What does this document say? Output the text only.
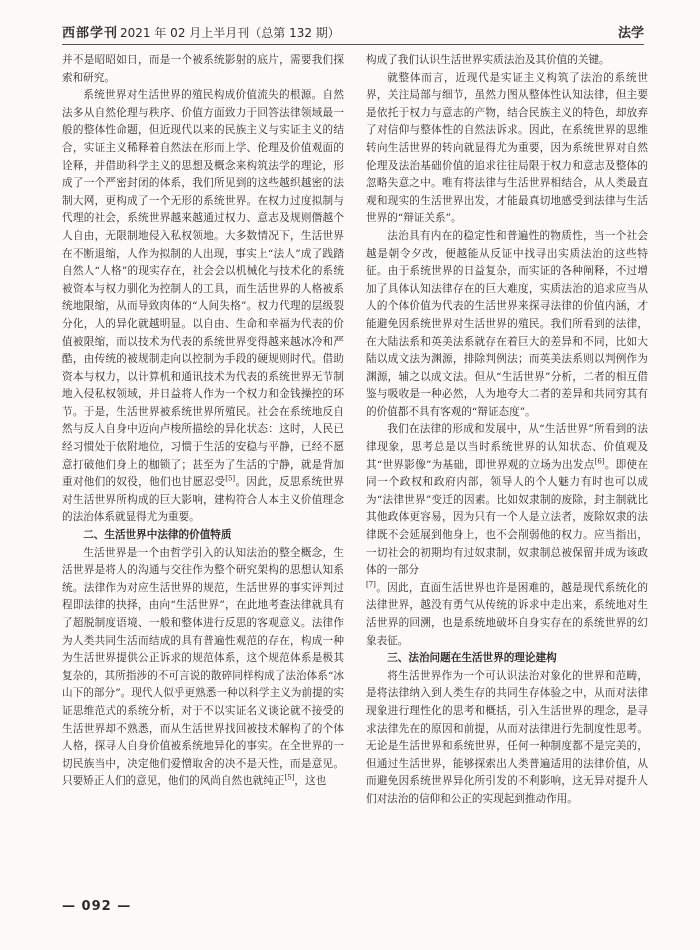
西部学刊 2021 年 02 月上半月刊（总第 132 期）	法学

并不是昭昭如日，而是一个被系统影射的底片，需要我们探索和研究。

系统世界对生活世界的殖民构成价值流失的根源。自然法多从自然伦理与秩序、价值方面致力于回答法律领域最一般的整体性命题，但近现代以来的民族主义与实证主义的结合，实证主义稀释着自然法在形而上学、伦理及价值观面的诠释，并借助科学主义的思想及概念来构筑法学的理论，形成了一个严密封闭的体系，我们所见到的这些越织越密的法制大网，更构成了一个无形的系统世界。在权力过度拟制与代理的社会，系统世界越来越通过权力、意志及规则僭越个人自由，无限制地侵入私权领地。大多数情况下，生活世界在不断退缩，人作为拟制的人出现，事实上“法人”成了践踏自然人“人格”的现实存在，社会会以机械化与技术化的系统被资本与权力驯化为控制人的工具，而生活世界的人格被系统地限缩，从而导致肉体的“人间失格”。权力代理的层级裂分化，人的异化就越明显。以自由、生命和幸福为代表的价值被限缩，而以技术为代表的系统世界变得越来越冰冷和严酷，由传统的被规制走向以控制为手段的硬规则时代。借助资本与权力，以计算机和通讯技术为代表的系统世界无节制地入侵私权领域，并日益将人作为一个权力和金钱操控的环节。于是，生活世界被系统世界所殖民。社会在系统地反自然与反人自身中迈向卢梭所描绘的异化状态：这时，人民已经习惯处于依附地位，习惯于生活的安稳与平静，已经不愿意打破他们身上的枷锁了；甚至为了生活的宁静，就是背加重对他们的奴役，他们也甘愿忍受[5]。因此，反思系统世界对生活世界所构成的巨大影响，建构符合人本主义价值理念的法治体系就显得尤为重要。

二、生活世界中法律的价值特质

生活世界是一个由哲学引入的认知法治的整全概念，生活世界是将人的沟通与交往作为整个研究架构的思想认知系统。法律作为对应生活世界的规范，生活世界的事实评判过程即法律的抉择，由向“生活世界”，在此地考查法律就具有了超脱制度语境、一般和整体进行反思的客观意义。法律作为人类共同生活而结成的具有普遍性观范的存在，构成一种为生活世界提供公正诉求的规范体系，这个规范体系是极其复杂的，其所指涉的不可言说的散碎同样构成了法治体系“冰山下的部分”。现代人似乎更熟悉一种以科学主义为前提的实证思维范式的系统分析，对于不以实证名义谈论就不接受的生活世界却不熟悉，而从生活世界找回被技术解构了的个体人格，探寻人自身价值被系统地异化的事实。在全世界的一切民族当中，决定他们爱憎取舍的决不是天性，而是意见。只要矫正人们的意见，他们的风尚自然也就纯正[5]，这也

构成了我们认识生活世界实质法治及其价值的关键。

就整体而言，近现代是实证主义构筑了法治的系统世界，关注局部与细节，虽然力图从整体性认知法律，但主要是依托于权力与意志的产物，结合民族主义的特色，却放弃了对信仰与整体性的自然法诉求。因此，在系统世界的思维转向生活世界的转向就显得尤为重要，因为系统世界对自然伦理及法治基础价值的追求往往局限于权力和意志及整体的忽略失意之中。唯有将法律与生活世界相结合，从人类最直观和现实的生活世界出发，才能最真切地感受到法律与生活世界的“辩证关系”。

法治具有内在的稳定性和普遍性的物质性，当一个社会越是朝令夕改，便越能从反证中找寻出实质法治的这些特征。由于系统世界的日益复杂，而实证的各种阐释，不过增加了具体认知法律存在的巨大难度，实质法治的追求应当从人的个体价值为代表的生活世界来探寻法律的价值内涵，才能避免因系统世界对生活世界的殖民。我们所看到的法律，在大陆法系和英美法系就存在着巨大的差异和不同，比如大陆以成文法为渊源，排除判例法；而英美法系则以判例作为渊源，辅之以成文法。但从“生活世界”分析，二者的相互借鉴与吸收是一种必然，人为地夸大二者的差异和共同穷其有的价值都不具有客观的“辩证态度”。

我们在法律的形成和发展中，从“生活世界”所看到的法律现象，思考总是以当时系统世界的认知状态、价值观及其“世界影像”为基础，即世界观的立场为出发点[6]。即使在同一个政权和政府内部，领导人的个人魅力有时也可以成为“法律世界”变迁的因素。比如奴隶制的废除，封主制就比其他政体更容易，因为只有一个人是立法者，废除奴隶的法律既不会延展到他身上，也不会削弱他的权力。应当指出，一切社会的初期均有过奴隶制，奴隶制总被保留并成为该政体的一部分

[7]。因此，直面生活世界也许是困难的，越是现代系统化的法律世界，越没有勇气从传统的诉求中走出来，系统地对生活世界的回溯，也是系统地破坏自身实存在的系统世界的幻象表征。

三、法治问题在生活世界的理论建构

将生活世界作为一个可认识法治对象化的世界和范畴，是将法律纳入到人类生存的共同生存体验之中，从而对法律现象进行理性化的思考和概括，引入生活世界的理念，是寻求法律先在的原因和前提，从而对法律进行先制度性思考。无论是生活世界和系统世界，任何一种制度都不是完美的，但通过生活世界，能够探索出人类普遍适用的法律价值，从而避免因系统世界异化所引发的不利影响，这无异对提升人们对法治的信仰和公正的实现起到推动作用。

— 092 —
